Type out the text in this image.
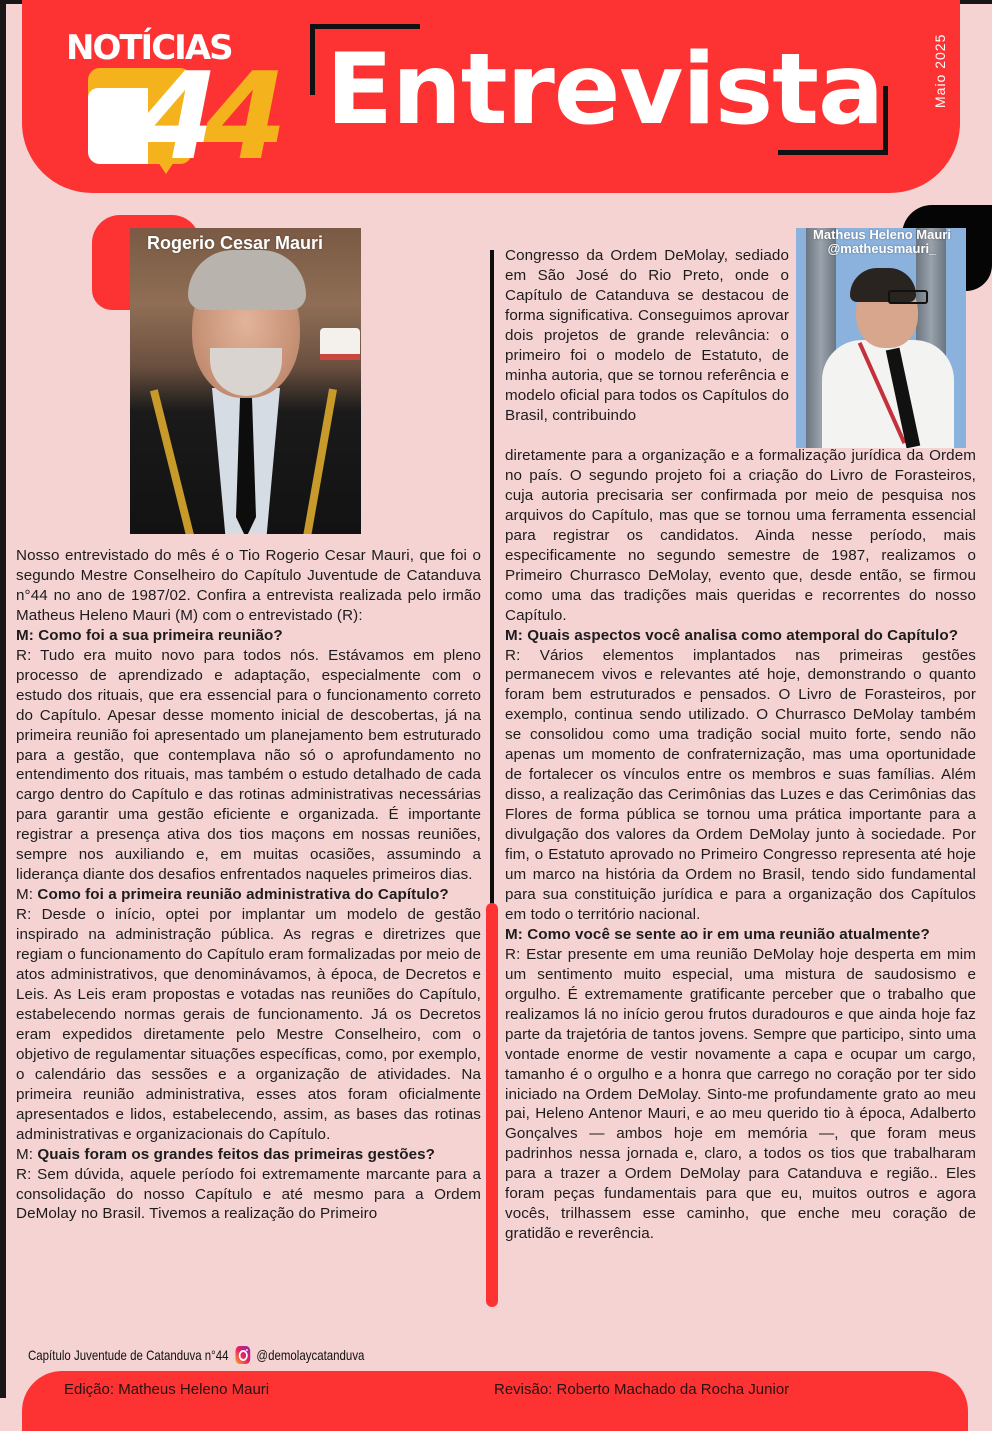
44
NOTÍCIAS Entrevista	Maio 2025
Rogerio Cesar Mauri	Matheus Heleno Mauri
@matheusmauri_

Nosso entrevistado do mês é o Tio Rogerio Cesar Mauri, que foi o segundo Mestre Conselheiro do Capítulo Juventude de Catanduva n°44 no ano de 1987/02. Confira a entrevista realizada pelo irmão Matheus Heleno Mauri (M) com o entrevistado (R):

M: Como foi a sua primeira reunião?

R: Tudo era muito novo para todos nós. Estávamos em pleno processo de aprendizado e adaptação, especialmente com o estudo dos rituais, que era essencial para o funcionamento correto do Capítulo. Apesar desse momento inicial de descobertas, já na primeira reunião foi apresentado um planejamento bem estruturado para a gestão, que contemplava não só o aprofundamento no entendimento dos rituais, mas também o estudo detalhado de cada cargo dentro do Capítulo e das rotinas administrativas necessárias para garantir uma gestão eficiente e organizada. É importante registrar a presença ativa dos tios maçons em nossas reuniões, sempre nos auxiliando e, em muitas ocasiões, assumindo a liderança diante dos desafios enfrentados naqueles primeiros dias.

M: Como foi a primeira reunião administrativa do Capítulo?

R: Desde o início, optei por implantar um modelo de gestão inspirado na administração pública. As regras e diretrizes que regiam o funcionamento do Capítulo eram formalizadas por meio de atos administrativos, que denominávamos, à época, de Decretos e Leis. As Leis eram propostas e votadas nas reuniões do Capítulo, estabelecendo normas gerais de funcionamento. Já os Decretos eram expedidos diretamente pelo Mestre Conselheiro, com o objetivo de regulamentar situações específicas, como, por exemplo, o calendário das sessões e a organização de atividades. Na primeira reunião administrativa, esses atos foram oficialmente apresentados e lidos, estabelecendo, assim, as bases das rotinas administrativas e organizacionais do Capítulo.

M: Quais foram os grandes feitos das primeiras gestões?

R: Sem dúvida, aquele período foi extremamente marcante para a consolidação do nosso Capítulo e até mesmo para a Ordem DeMolay no Brasil. Tivemos a realização do Primeiro

Congresso da Ordem DeMolay, sediado em São José do Rio Preto, onde o Capítulo de Catanduva se destacou de forma significativa. Conseguimos aprovar dois projetos de grande relevância: o primeiro foi o modelo de Estatuto, de minha autoria, que se tornou referência e modelo oficial para todos os Capítulos do Brasil, contribuindo

diretamente para a organização e a formalização jurídica da Ordem no país. O segundo projeto foi a criação do Livro de Forasteiros, cuja autoria precisaria ser confirmada por meio de pesquisa nos arquivos do Capítulo, mas que se tornou uma ferramenta essencial para registrar os candidatos. Ainda nesse período, mais especificamente no segundo semestre de 1987, realizamos o Primeiro Churrasco DeMolay, evento que, desde então, se firmou como uma das tradições mais queridas e recorrentes do nosso Capítulo.

M: Quais aspectos você analisa como atemporal do Capítulo?

R: Vários elementos implantados nas primeiras gestões permanecem vivos e relevantes até hoje, demonstrando o quanto foram bem estruturados e pensados. O Livro de Forasteiros, por exemplo, continua sendo utilizado. O Churrasco DeMolay também se consolidou como uma tradição social muito forte, sendo não apenas um momento de confraternização, mas uma oportunidade de fortalecer os vínculos entre os membros e suas famílias. Além disso, a realização das Cerimônias das Luzes e das Cerimônias das Flores de forma pública se tornou uma prática importante para a divulgação dos valores da Ordem DeMolay junto à sociedade. Por fim, o Estatuto aprovado no Primeiro Congresso representa até hoje um marco na história da Ordem no Brasil, tendo sido fundamental para sua constituição jurídica e para a organização dos Capítulos em todo o território nacional.

M: Como você se sente ao ir em uma reunião atualmente?

R: Estar presente em uma reunião DeMolay hoje desperta em mim um sentimento muito especial, uma mistura de saudosismo e orgulho. É extremamente gratificante perceber que o trabalho que realizamos lá no início gerou frutos duradouros e que ainda hoje faz parte da trajetória de tantos jovens. Sempre que participo, sinto uma vontade enorme de vestir novamente a capa e ocupar um cargo, tamanho é o orgulho e a honra que carrego no coração por ter sido iniciado na Ordem DeMolay. Sinto-me profundamente grato ao meu pai, Heleno Antenor Mauri, e ao meu querido tio à época, Adalberto Gonçalves — ambos hoje em memória —, que foram meus padrinhos nessa jornada e, claro, a todos os tios que trabalharam para a trazer a Ordem DeMolay para Catanduva e região.. Eles foram peças fundamentais para que eu, muitos outros e agora vocês, trilhassem esse caminho, que enche meu coração de gratidão e reverência.

Capítulo Juventude de Catanduva n°44 @demolaycatanduva
Edição: Matheus Heleno Mauri	Revisão: Roberto Machado da Rocha Junior
